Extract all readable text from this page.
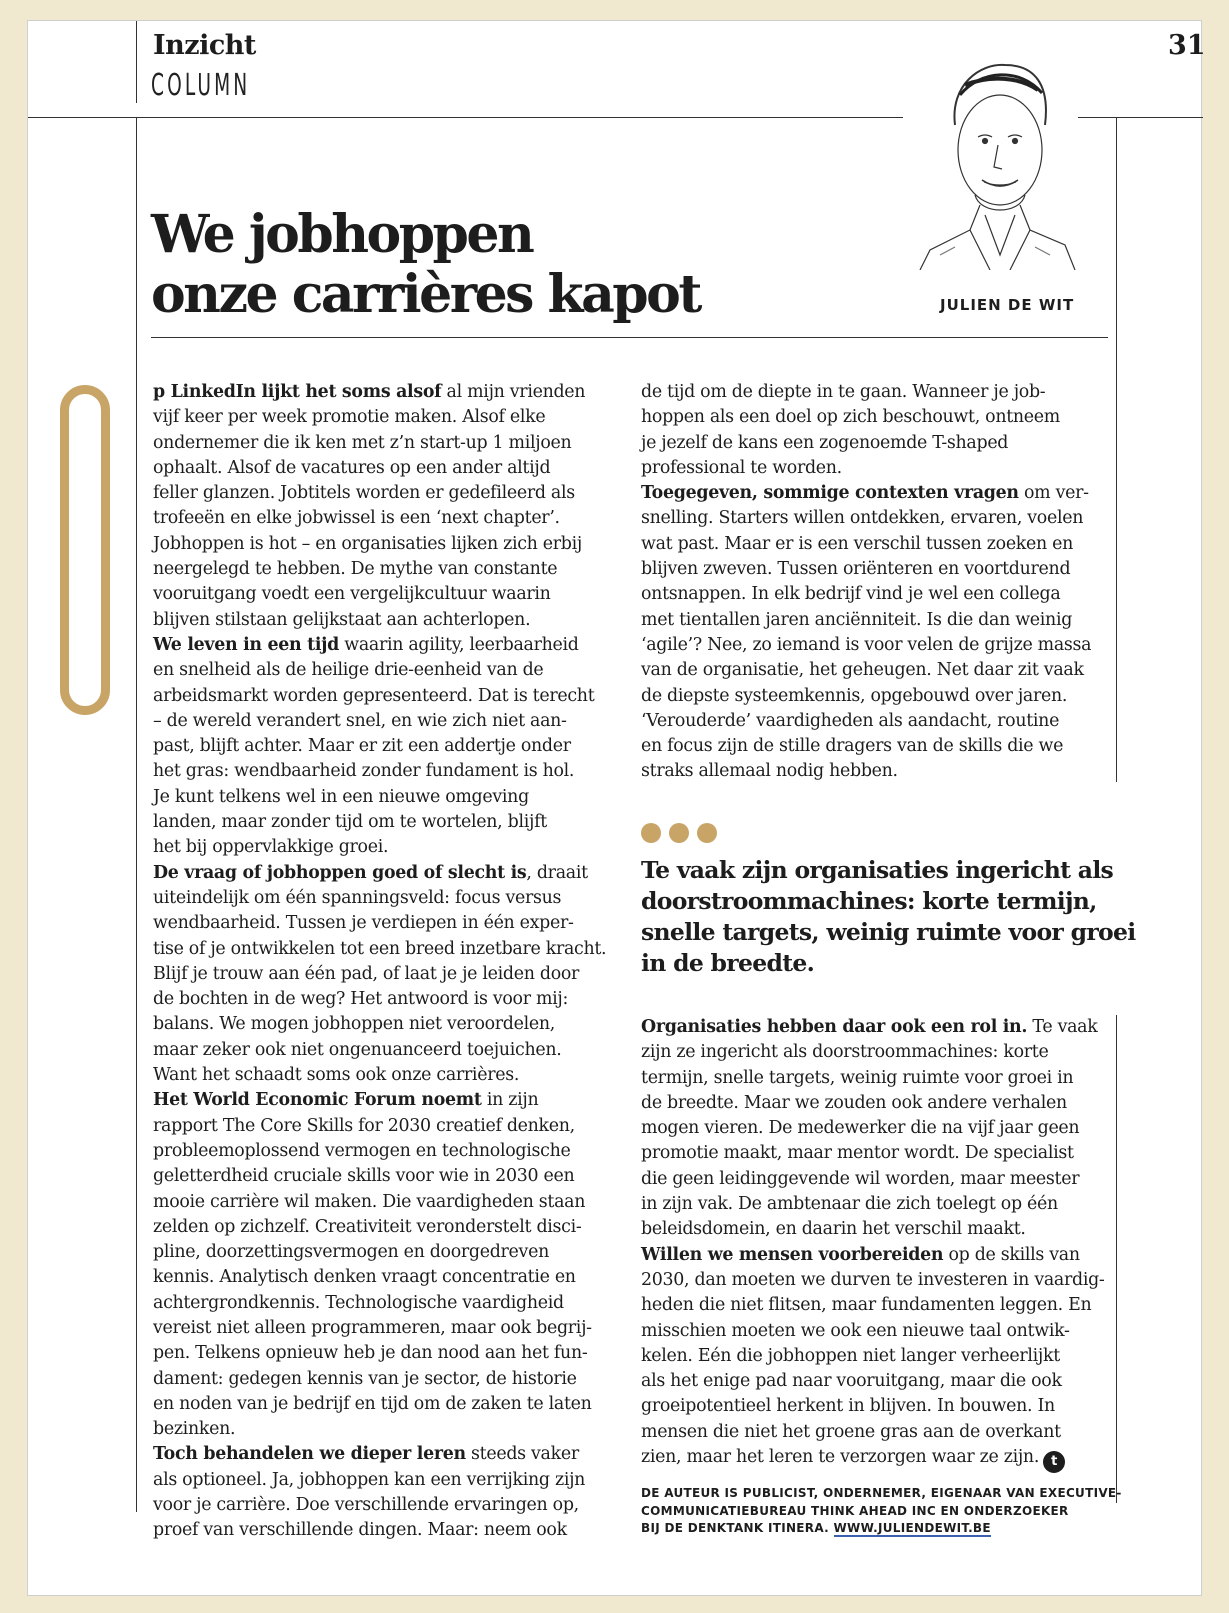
Inzicht
COLUMN
31
We jobhoppen
onze carrières kapot	JULIEN DE WIT
p LinkedIn lijkt het soms alsof al mijn vrienden
vijf keer per week promotie maken. Alsof elke
ondernemer die ik ken met z’n start-up 1 miljoen
ophaalt. Alsof de vacatures op een ander altijd
feller glanzen. Jobtitels worden er gedefileerd als
trofeeën en elke jobwissel is een ‘next chapter’.
Jobhoppen is hot – en organisaties lijken zich erbij
neergelegd te hebben. De mythe van constante
vooruitgang voedt een vergelijkcultuur waarin
blijven stilstaan gelijkstaat aan achterlopen.
We leven in een tijd waarin agility, leerbaarheid
en snelheid als de heilige drie-eenheid van de
arbeidsmarkt worden gepresenteerd. Dat is terecht
– de wereld verandert snel, en wie zich niet aan-
past, blijft achter. Maar er zit een addertje onder
het gras: wendbaarheid zonder fundament is hol.
Je kunt telkens wel in een nieuwe omgeving
landen, maar zonder tijd om te wortelen, blijft
het bij oppervlakkige groei.
De vraag of jobhoppen goed of slecht is, draait
uiteindelijk om één spanningsveld: focus versus
wendbaarheid. Tussen je verdiepen in één exper-
tise of je ontwikkelen tot een breed inzetbare kracht.
Blijf je trouw aan één pad, of laat je je leiden door
de bochten in de weg? Het antwoord is voor mij:
balans. We mogen jobhoppen niet veroordelen,
maar zeker ook niet ongenuanceerd toejuichen.
Want het schaadt soms ook onze carrières.
Het World Economic Forum noemt in zijn
rapport The Core Skills for 2030 creatief denken,
probleemoplossend vermogen en technologische
geletterdheid cruciale skills voor wie in 2030 een
mooie carrière wil maken. Die vaardigheden staan
zelden op zichzelf. Creativiteit veronderstelt disci-
pline, doorzettingsvermogen en doorgedreven
kennis. Analytisch denken vraagt concentratie en
achtergrondkennis. Technologische vaardigheid
vereist niet alleen programmeren, maar ook begrij-
pen. Telkens opnieuw heb je dan nood aan het fun-
dament: gedegen kennis van je sector, de historie
en noden van je bedrijf en tijd om de zaken te laten
bezinken.
Toch behandelen we dieper leren steeds vaker
als optioneel. Ja, jobhoppen kan een verrijking zijn
voor je carrière. Doe verschillende ervaringen op,
proef van verschillende dingen. Maar: neem ook
de tijd om de diepte in te gaan. Wanneer je job-
hoppen als een doel op zich beschouwt, ontneem
je jezelf de kans een zogenoemde T-shaped
professional te worden.
Toegegeven, sommige contexten vragen om ver-
snelling. Starters willen ontdekken, ervaren, voelen
wat past. Maar er is een verschil tussen zoeken en
blijven zweven. Tussen oriënteren en voortdurend
ontsnappen. In elk bedrijf vind je wel een collega
met tientallen jaren anciënniteit. Is die dan weinig
‘agile’? Nee, zo iemand is voor velen de grijze massa
van de organisatie, het geheugen. Net daar zit vaak
de diepste systeemkennis, opgebouwd over jaren.
‘Verouderde’ vaardigheden als aandacht, routine
en focus zijn de stille dragers van de skills die we
straks allemaal nodig hebben.
Te vaak zijn organisaties ingericht als
doorstroommachines: korte termijn,
snelle targets, weinig ruimte voor groei
in de breedte.
Organisaties hebben daar ook een rol in. Te vaak
zijn ze ingericht als doorstroommachines: korte
termijn, snelle targets, weinig ruimte voor groei in
de breedte. Maar we zouden ook andere verhalen
mogen vieren. De medewerker die na vijf jaar geen
promotie maakt, maar mentor wordt. De specialist
die geen leidinggevende wil worden, maar meester
in zijn vak. De ambtenaar die zich toelegt op één
beleidsdomein, en daarin het verschil maakt.
Willen we mensen voorbereiden op de skills van
2030, dan moeten we durven te investeren in vaardig-
heden die niet flitsen, maar fundamenten leggen. En
misschien moeten we ook een nieuwe taal ontwik-
kelen. Eén die jobhoppen niet langer verheerlijkt
als het enige pad naar vooruitgang, maar die ook
groeipotentieel herkent in blijven. In bouwen. In
mensen die niet het groene gras aan de overkant
zien, maar het leren te verzorgen waar ze zijn. t
DE AUTEUR IS PUBLICIST, ONDERNEMER, EIGENAAR VAN EXECUTIVE-
COMMUNICATIEBUREAU THINK AHEAD INC EN ONDERZOEKER
BIJ DE DENKTANK ITINERA. WWW.JULIENDEWIT.BE
